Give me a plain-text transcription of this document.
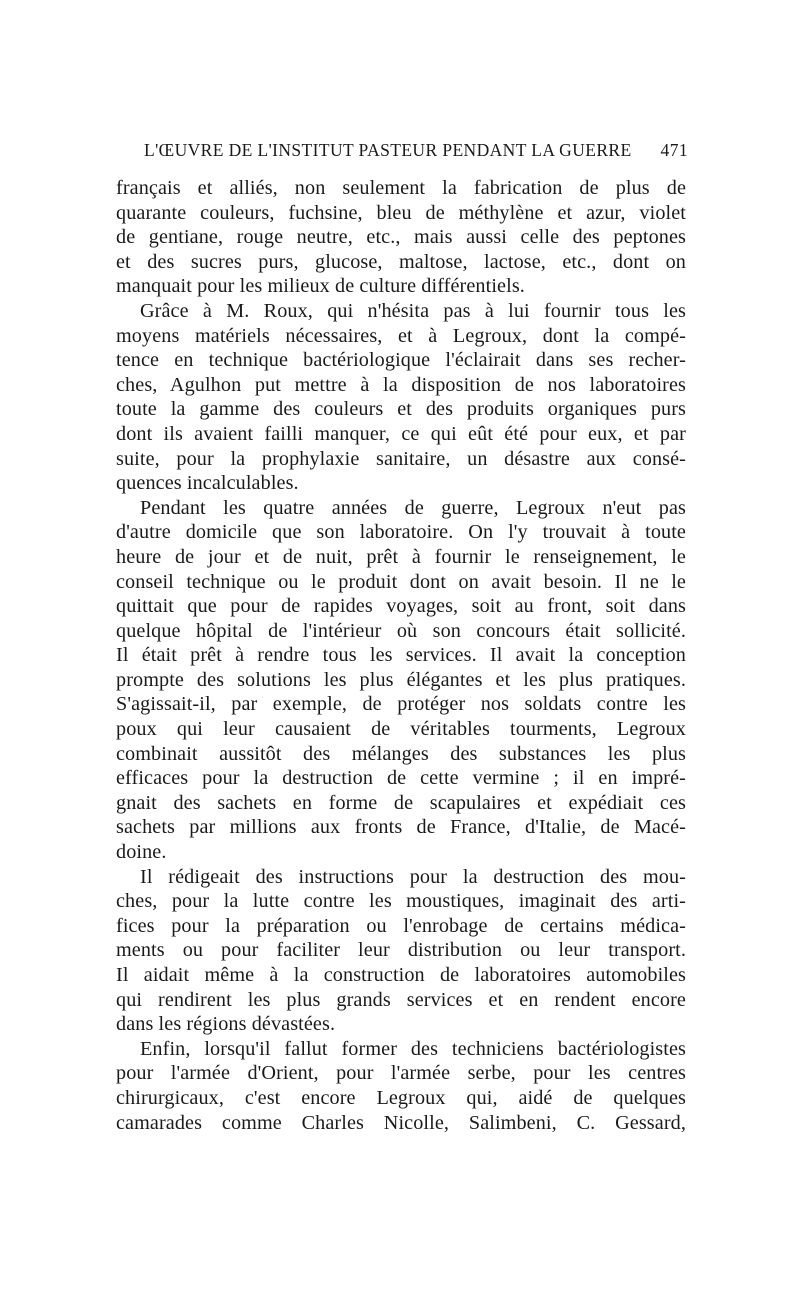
L'ŒUVRE DE L'INSTITUT PASTEUR PENDANT LA GUERRE 471
français et alliés, non seulement la fabrication de plus de
quarante couleurs, fuchsine, bleu de méthylène et azur, violet
de gentiane, rouge neutre, etc., mais aussi celle des peptones
et des sucres purs, glucose, maltose, lactose, etc., dont on
manquait pour les milieux de culture différentiels.
Grâce à M. Roux, qui n'hésita pas à lui fournir tous les
moyens matériels nécessaires, et à Legroux, dont la compé-
tence en technique bactériologique l'éclairait dans ses recher-
ches, Agulhon put mettre à la disposition de nos laboratoires
toute la gamme des couleurs et des produits organiques purs
dont ils avaient failli manquer, ce qui eût été pour eux, et par
suite, pour la prophylaxie sanitaire, un désastre aux consé-
quences incalculables.
Pendant les quatre années de guerre, Legroux n'eut pas
d'autre domicile que son laboratoire. On l'y trouvait à toute
heure de jour et de nuit, prêt à fournir le renseignement, le
conseil technique ou le produit dont on avait besoin. Il ne le
quittait que pour de rapides voyages, soit au front, soit dans
quelque hôpital de l'intérieur où son concours était sollicité.
Il était prêt à rendre tous les services. Il avait la conception
prompte des solutions les plus élégantes et les plus pratiques.
S'agissait-il, par exemple, de protéger nos soldats contre les
poux qui leur causaient de véritables tourments, Legroux
combinait aussitôt des mélanges des substances les plus
efficaces pour la destruction de cette vermine ; il en impré-
gnait des sachets en forme de scapulaires et expédiait ces
sachets par millions aux fronts de France, d'Italie, de Macé-
doine.
Il rédigeait des instructions pour la destruction des mou-
ches, pour la lutte contre les moustiques, imaginait des arti-
fices pour la préparation ou l'enrobage de certains médica-
ments ou pour faciliter leur distribution ou leur transport.
Il aidait même à la construction de laboratoires automobiles
qui rendirent les plus grands services et en rendent encore
dans les régions dévastées.
Enfin, lorsqu'il fallut former des techniciens bactériologistes
pour l'armée d'Orient, pour l'armée serbe, pour les centres
chirurgicaux, c'est encore Legroux qui, aidé de quelques
camarades comme Charles Nicolle, Salimbeni, C. Gessard,
